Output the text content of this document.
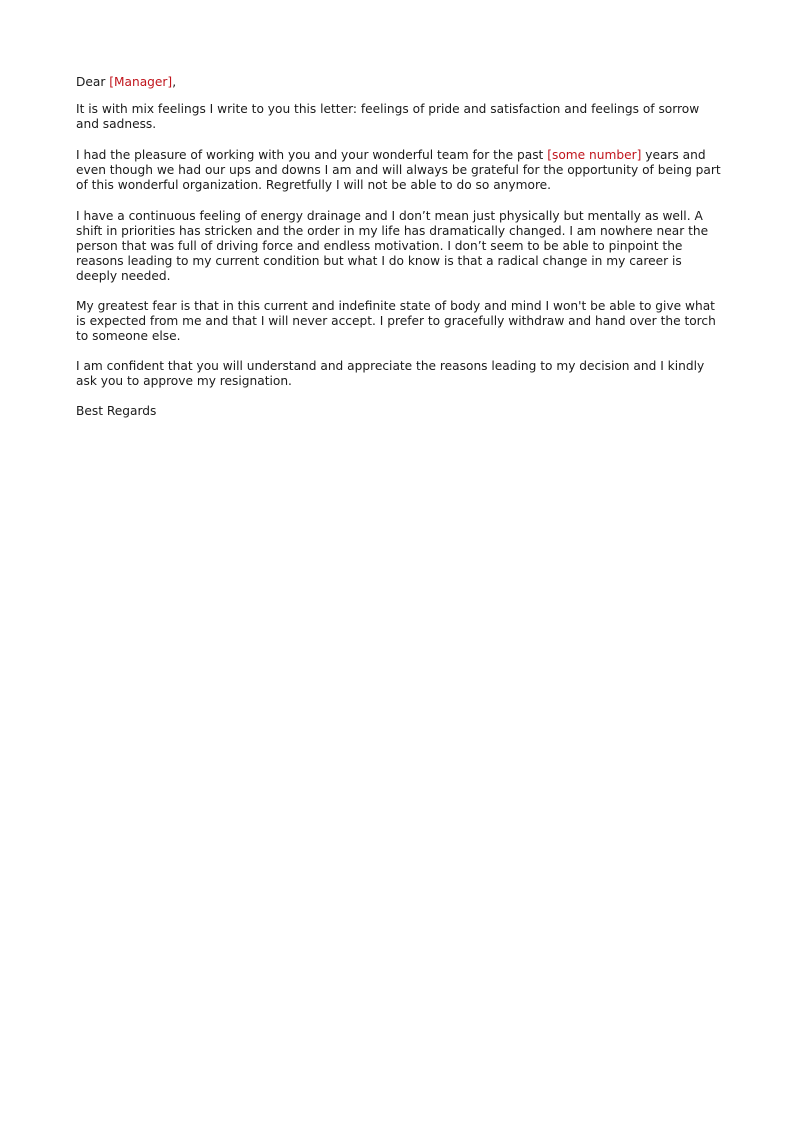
Dear [Manager],

It is with mix feelings I write to you this letter: feelings of pride and satisfaction and feelings of sorrow and sadness.

I had the pleasure of working with you and your wonderful team for the past [some number] years and even though we had our ups and downs I am and will always be grateful for the opportunity of being part of this wonderful organization. Regretfully I will not be able to do so anymore.

I have a continuous feeling of energy drainage and I don’t mean just physically but mentally as well. A shift in priorities has stricken and the order in my life has dramatically changed. I am nowhere near the person that was full of driving force and endless motivation. I don’t seem to be able to pinpoint the reasons leading to my current condition but what I do know is that a radical change in my career is deeply needed.

My greatest fear is that in this current and indefinite state of body and mind I won't be able to give what is expected from me and that I will never accept. I prefer to gracefully withdraw and hand over the torch to someone else.

I am confident that you will understand and appreciate the reasons leading to my decision and I kindly ask you to approve my resignation.

Best Regards
